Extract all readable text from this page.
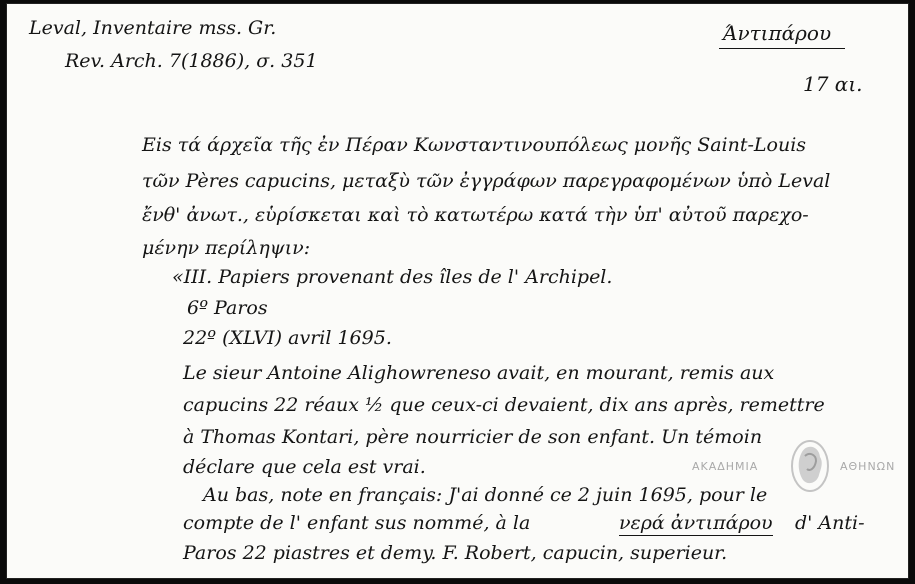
Leval, Inventaire mss. Gr.
Rev. Arch. 7(1886), σ. 351
Άντιπάρου
17 αι.
Eis τά άρχεῖα τῆς ἐν Πέραν Κωνσταντινουπόλεως μονῆς Saint-Louis
τῶν Pères capucins, μεταξὺ τῶν ἐγγράφων παρεγραφομένων ὑπὸ Leval
ἔνθ' ἀνωτ., εὑρίσκεται καὶ τὸ κατωτέρω κατά τὴν ὑπ' αὐτοῦ παρεχο-
μένην περίληψιν:
«III. Papiers provenant des îles de l' Archipel.
6º Paros
22º (XLVI) avril 1695.
Le sieur Antoine Alighowreneso avait, en mourant, remis aux
capucins 22 réaux ½ que ceux-ci devaient, dix ans après, remettre
à Thomas Kontari, père nourricier de son enfant. Un témoin
déclare que cela est vrai.
Au bas, note en français: J'ai donné ce 2 juin 1695, pour le
compte de l' enfant sus nommé, à la	νερά ἀντιπάρου d' Anti-
Paros 22 piastres et demy. F. Robert, capucin, superieur.
ΑΚΑΔΗΜΙΑ	ΑΘΗΝΩΝ
